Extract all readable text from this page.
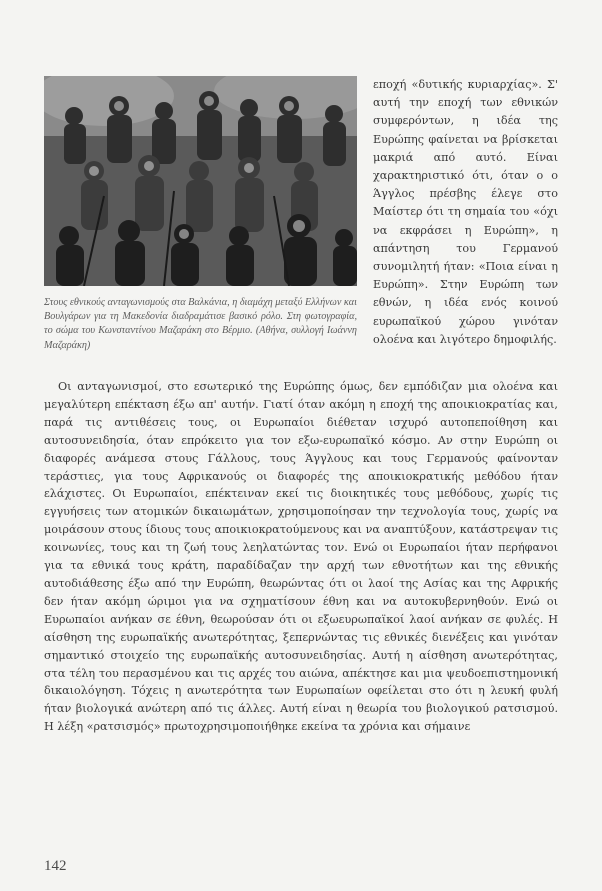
Στους εθνικούς ανταγωνισμούς στα Βαλκάνια, η διαμάχη μεταξύ Ελλήνων και Βουλγάρων για τη Μακεδονία διαδραμάτισε βασικό ρόλο. Στη φωτογραφία, το σώμα του Κωνσταντίνου Μαζαράκη στο Βέρμιο. (Αθήνα, συλλογή Ιωάννη Μαζαράκη)
εποχή «δυτικής κυριαρχίας». Σ' αυτή την εποχή των εθνικών συμφερόντων, η ιδέα της Ευρώπης φαίνεται να βρίσκεται μακριά από αυτό. Είναι χαρακτηριστικό ότι, όταν ο ο Άγγλος πρέσβης έλεγε στο Μαίστερ ότι τη σημαία του «όχι να εκφράσει η Ευρώπη», η απάντηση του Γερμανού συνομιλητή ήταν: «Ποια είναι η Ευρώπη». Στην Ευρώπη των εθνών, η ιδέα ενός κοινού ευρωπαϊκού χώρου γινόταν ολοένα και λιγότερο δημοφιλής.
Οι ανταγωνισμοί, στο εσωτερικό της Ευρώπης όμως, δεν εμπόδιζαν μια ολοένα και μεγαλύτερη επέκταση έξω απ' αυτήν. Γιατί όταν ακόμη η εποχή της αποικιοκρατίας και, παρά τις αντιθέσεις τους, οι Ευρωπαίοι διέθεταν ισχυρό αυτοπεποίθηση και αυτοσυνειδησία, όταν επρόκειτο για τον εξω-ευρωπαϊκό κόσμο. Αν στην Ευρώπη οι διαφορές ανάμεσα στους Γάλλους, τους Άγγλους και τους Γερμανούς φαίνονταν τεράστιες, για τους Αφρικανούς οι διαφορές της αποικιοκρατικής μεθόδου ήταν ελάχιστες. Οι Ευρωπαίοι, επέκτειναν εκεί τις διοικητικές τους μεθόδους, χωρίς τις εγγυήσεις των ατομικών δικαιωμάτων, χρησιμοποίησαν την τεχνολογία τους, χωρίς να μοιράσουν στους ίδιους τους αποικιοκρατούμενους και να αναπτύξουν, κατάστρεψαν τις κοινωνίες, τους και τη ζωή τους λεηλατώντας τον. Ενώ οι Ευρωπαίοι ήταν περήφανοι για τα εθνικά τους κράτη, παραδίδαζαν την αρχή των εθνοτήτων και της εθνικής αυτοδιάθεσης έξω από την Ευρώπη, θεωρώντας ότι οι λαοί της Ασίας και της Αφρικής δεν ήταν ακόμη ώριμοι για να σχηματίσουν έθνη και να αυτοκυβερνηθούν. Ενώ οι Ευρωπαίοι ανήκαν σε έθνη, θεωρούσαν ότι οι εξωευρωπαϊκοί λαοί ανήκαν σε φυλές. Η αίσθηση της ευρωπαϊκής ανωτερότητας, ξεπερνώντας τις εθνικές διενέξεις και γινόταν σημαντικό στοιχείο της ευρωπαϊκής αυτοσυνειδησίας. Αυτή η αίσθηση ανωτερότητας, στα τέλη του περασμένου και τις αρχές του αιώνα, απέκτησε και μια ψευδοεπιστημονική δικαιολόγηση. Τόχεις η ανωτερότητα των Ευρωπαίων οφείλεται στο ότι η λευκή φυλή ήταν βιολογικά ανώτερη από τις άλλες. Αυτή είναι η θεωρία του βιολογικού ρατσισμού. Η λέξη «ρατσισμός» πρωτοχρησιμοποιήθηκε εκείνα τα χρόνια και σήμαινε
142
